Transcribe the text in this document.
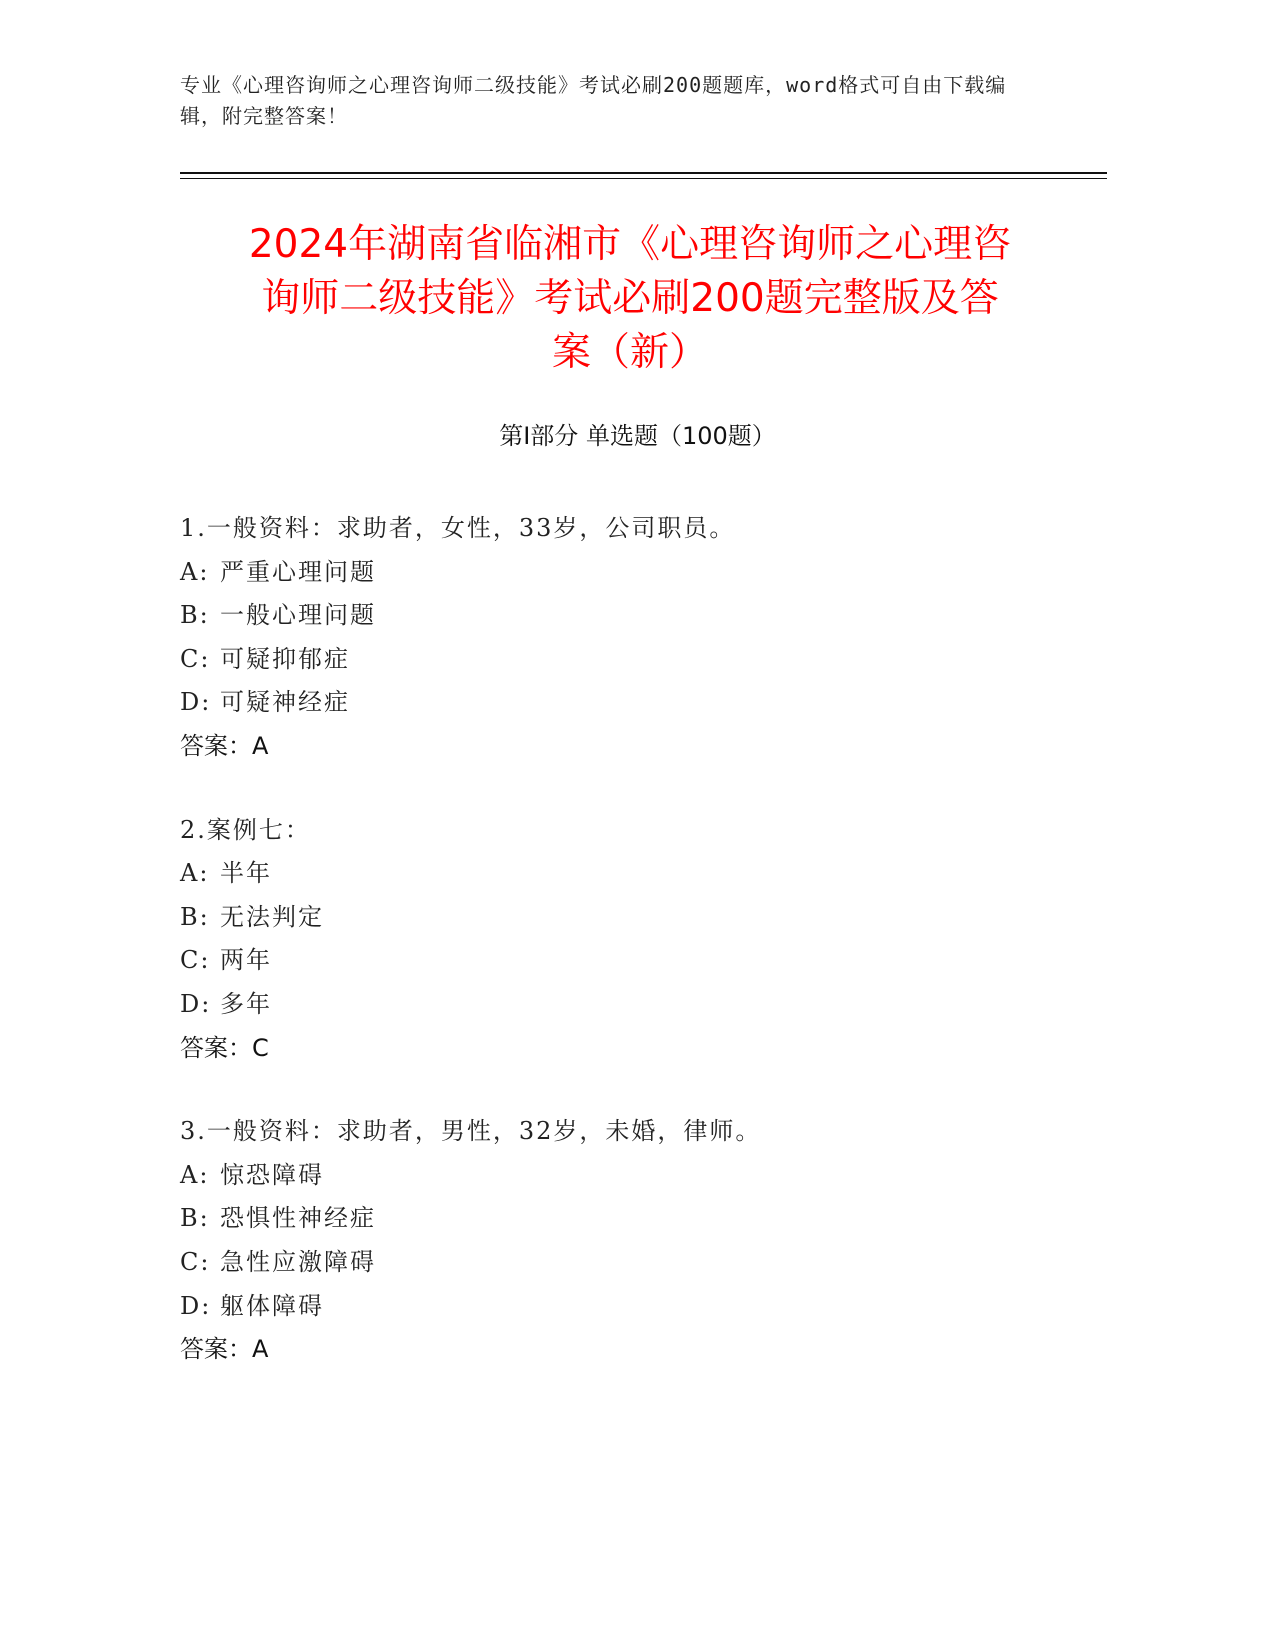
专业《心理咨询师之心理咨询师二级技能》考试必刷200题题库，word格式可自由下载编辑，附完整答案！
2024年湖南省临湘市《心理咨询师之心理咨
询师二级技能》考试必刷200题完整版及答
案（新）
第Ⅰ部分 单选题（100题）
1.一般资料：求助者，女性，33岁，公司职员。
A: 严重心理问题
B: 一般心理问题
C: 可疑抑郁症
D: 可疑神经症
答案：A
2.案例七：
A: 半年
B: 无法判定
C: 两年
D: 多年
答案：C
3.一般资料：求助者，男性，32岁，未婚，律师。
A: 惊恐障碍
B: 恐惧性神经症
C: 急性应激障碍
D: 躯体障碍
答案：A
